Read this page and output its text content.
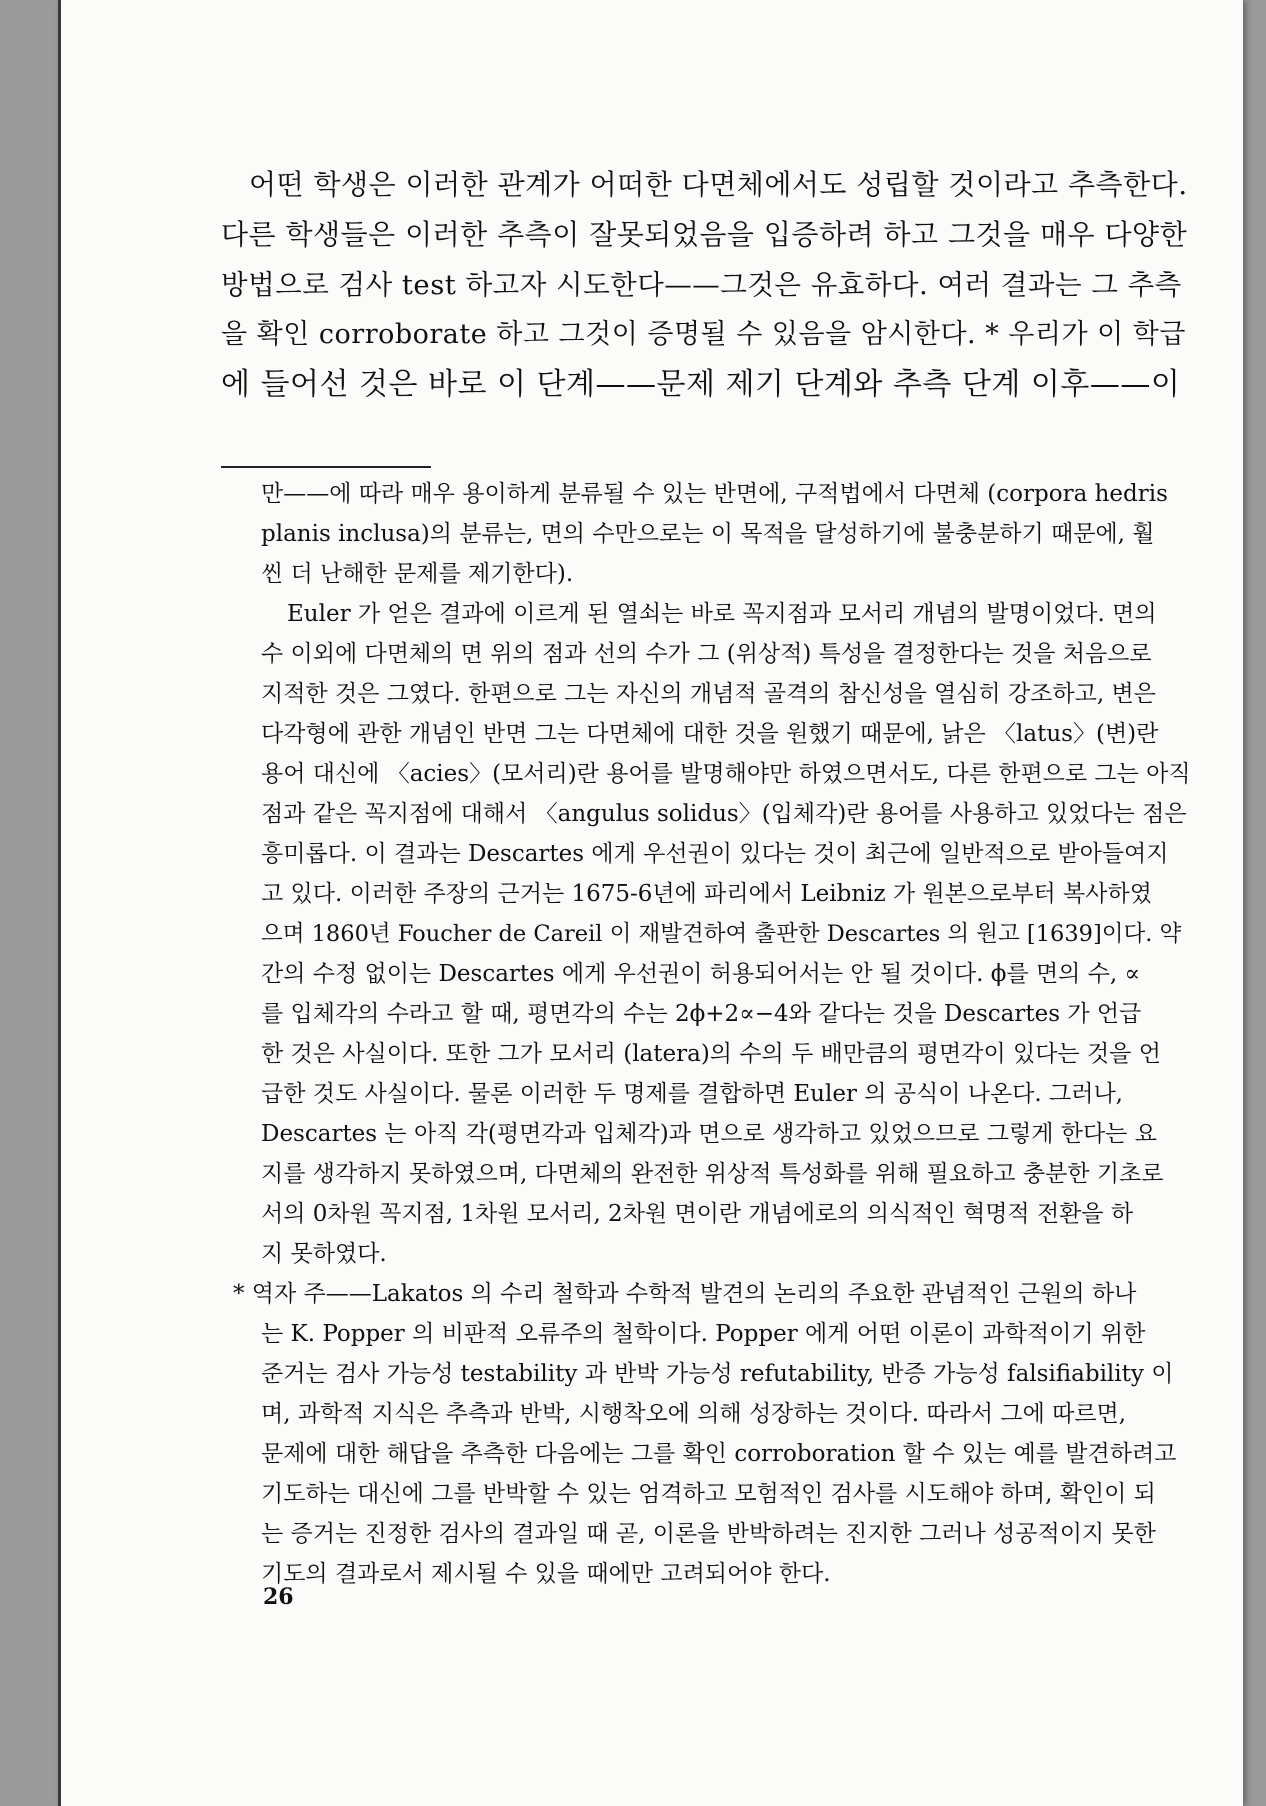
어떤 학생은 이러한 관계가 어떠한 다면체에서도 성립할 것이라고 추측한다.
다른 학생들은 이러한 추측이 잘못되었음을 입증하려 하고 그것을 매우 다양한
방법으로 검사 test 하고자 시도한다——그것은 유효하다. 여러 결과는 그 추측
을 확인 corroborate 하고 그것이 증명될 수 있음을 암시한다. * 우리가 이 학급
에 들어선 것은 바로 이 단계——문제 제기 단계와 추측 단계 이후——이
만——에 따라 매우 용이하게 분류될 수 있는 반면에, 구적법에서 다면체 (corpora hedris
planis inclusa)의 분류는, 면의 수만으로는 이 목적을 달성하기에 불충분하기 때문에, 훨
씬 더 난해한 문제를 제기한다).
Euler 가 얻은 결과에 이르게 된 열쇠는 바로 꼭지점과 모서리 개념의 발명이었다. 면의
수 이외에 다면체의 면 위의 점과 선의 수가 그 (위상적) 특성을 결정한다는 것을 처음으로
지적한 것은 그였다. 한편으로 그는 자신의 개념적 골격의 참신성을 열심히 강조하고, 변은
다각형에 관한 개념인 반면 그는 다면체에 대한 것을 원했기 때문에, 낡은 〈latus〉(변)란
용어 대신에 〈acies〉(모서리)란 용어를 발명해야만 하였으면서도, 다른 한편으로 그는 아직
점과 같은 꼭지점에 대해서 〈angulus solidus〉(입체각)란 용어를 사용하고 있었다는 점은
흥미롭다. 이 결과는 Descartes 에게 우선권이 있다는 것이 최근에 일반적으로 받아들여지
고 있다. 이러한 주장의 근거는 1675-6년에 파리에서 Leibniz 가 원본으로부터 복사하였
으며 1860년 Foucher de Careil 이 재발견하여 출판한 Descartes 의 원고 [1639]이다. 약
간의 수정 없이는 Descartes 에게 우선권이 허용되어서는 안 될 것이다. ϕ를 면의 수, ∝
를 입체각의 수라고 할 때, 평면각의 수는 2ϕ+2∝−4와 같다는 것을 Descartes 가 언급
한 것은 사실이다. 또한 그가 모서리 (latera)의 수의 두 배만큼의 평면각이 있다는 것을 언
급한 것도 사실이다. 물론 이러한 두 명제를 결합하면 Euler 의 공식이 나온다. 그러나,
Descartes 는 아직 각(평면각과 입체각)과 면으로 생각하고 있었으므로 그렇게 한다는 요
지를 생각하지 못하였으며, 다면체의 완전한 위상적 특성화를 위해 필요하고 충분한 기초로
서의 0차원 꼭지점, 1차원 모서리, 2차원 면이란 개념에로의 의식적인 혁명적 전환을 하
지 못하였다.
* 역자 주——Lakatos 의 수리 철학과 수학적 발견의 논리의 주요한 관념적인 근원의 하나
는 K. Popper 의 비판적 오류주의 철학이다. Popper 에게 어떤 이론이 과학적이기 위한
준거는 검사 가능성 testability 과 반박 가능성 refutability, 반증 가능성 falsifiability 이
며, 과학적 지식은 추측과 반박, 시행착오에 의해 성장하는 것이다. 따라서 그에 따르면,
문제에 대한 해답을 추측한 다음에는 그를 확인 corroboration 할 수 있는 예를 발견하려고
기도하는 대신에 그를 반박할 수 있는 엄격하고 모험적인 검사를 시도해야 하며, 확인이 되
는 증거는 진정한 검사의 결과일 때 곧, 이론을 반박하려는 진지한 그러나 성공적이지 못한
기도의 결과로서 제시될 수 있을 때에만 고려되어야 한다.
26
